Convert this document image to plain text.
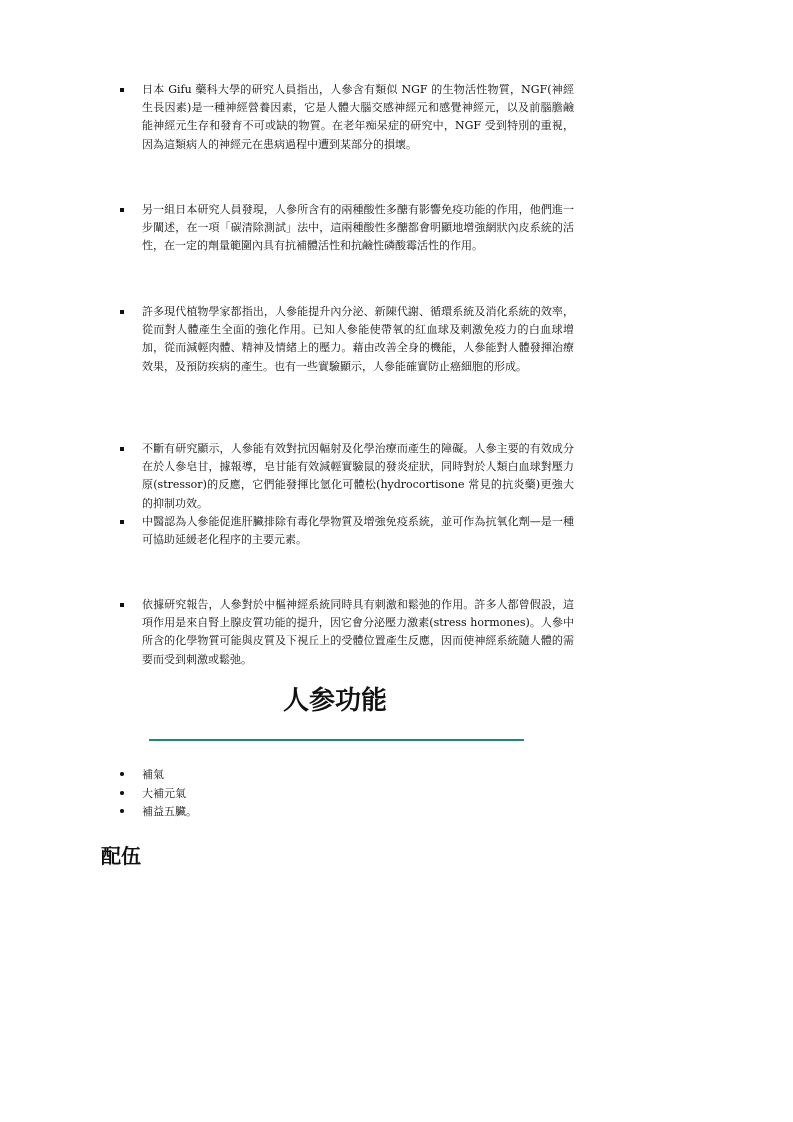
日本 Gifu 藥科大學的研究人員指出，人參含有類似 NGF 的生物活性物質，NGF(神經生長因素)是一種神經營養因素，它是人體大腦交感神經元和感覺神經元，以及前腦膽鹼能神經元生存和發育不可或缺的物質。在老年痴呆症的研究中，NGF 受到特別的重視，因為這類病人的神經元在患病過程中遭到某部分的損壞。
另一組日本研究人員發現，人參所含有的兩種酸性多醣有影響免疫功能的作用，他們進一步闡述，在一項「碳清除測試」法中，這兩種酸性多醣都會明顯地增強網狀內皮系統的活性，在一定的劑量範圍內具有抗補體活性和抗鹼性磷酸霉活性的作用。
許多現代植物學家都指出，人參能提升內分泌、新陳代謝、循環系統及消化系統的效率，從而對人體產生全面的強化作用。已知人參能使帶氧的紅血球及刺激免疫力的白血球增加，從而減輕肉體、精神及情緒上的壓力。藉由改善全身的機能，人參能對人體發揮治療效果，及預防疾病的產生。也有一些實驗顯示，人參能確實防止癌細胞的形成。
不斷有研究顯示，人參能有效對抗因輻射及化學治療而產生的障礙。人參主要的有效成分在於人參皂甘，據報導，皂甘能有效減輕實驗鼠的發炎症狀，同時對於人類白血球對壓力原(stressor)的反應，它們能發揮比氫化可體松(hydrocortisone 常見的抗炎藥)更強大的抑制功效。
中醫認為人參能促進肝臟排除有毒化學物質及增強免疫系統，並可作為抗氧化劑—是一種可協助延緩老化程序的主要元素。
依據研究報告，人參對於中樞神經系統同時具有刺激和鬆弛的作用。許多人都曾假設，這項作用是來自腎上腺皮質功能的提升，因它會分泌壓力激素(stress hormones)。人參中所含的化學物質可能與皮質及下視丘上的受體位置產生反應，因而使神經系統隨人體的需要而受到刺激或鬆弛。
人参功能
補氣
大補元氣
補益五臟。
配伍
